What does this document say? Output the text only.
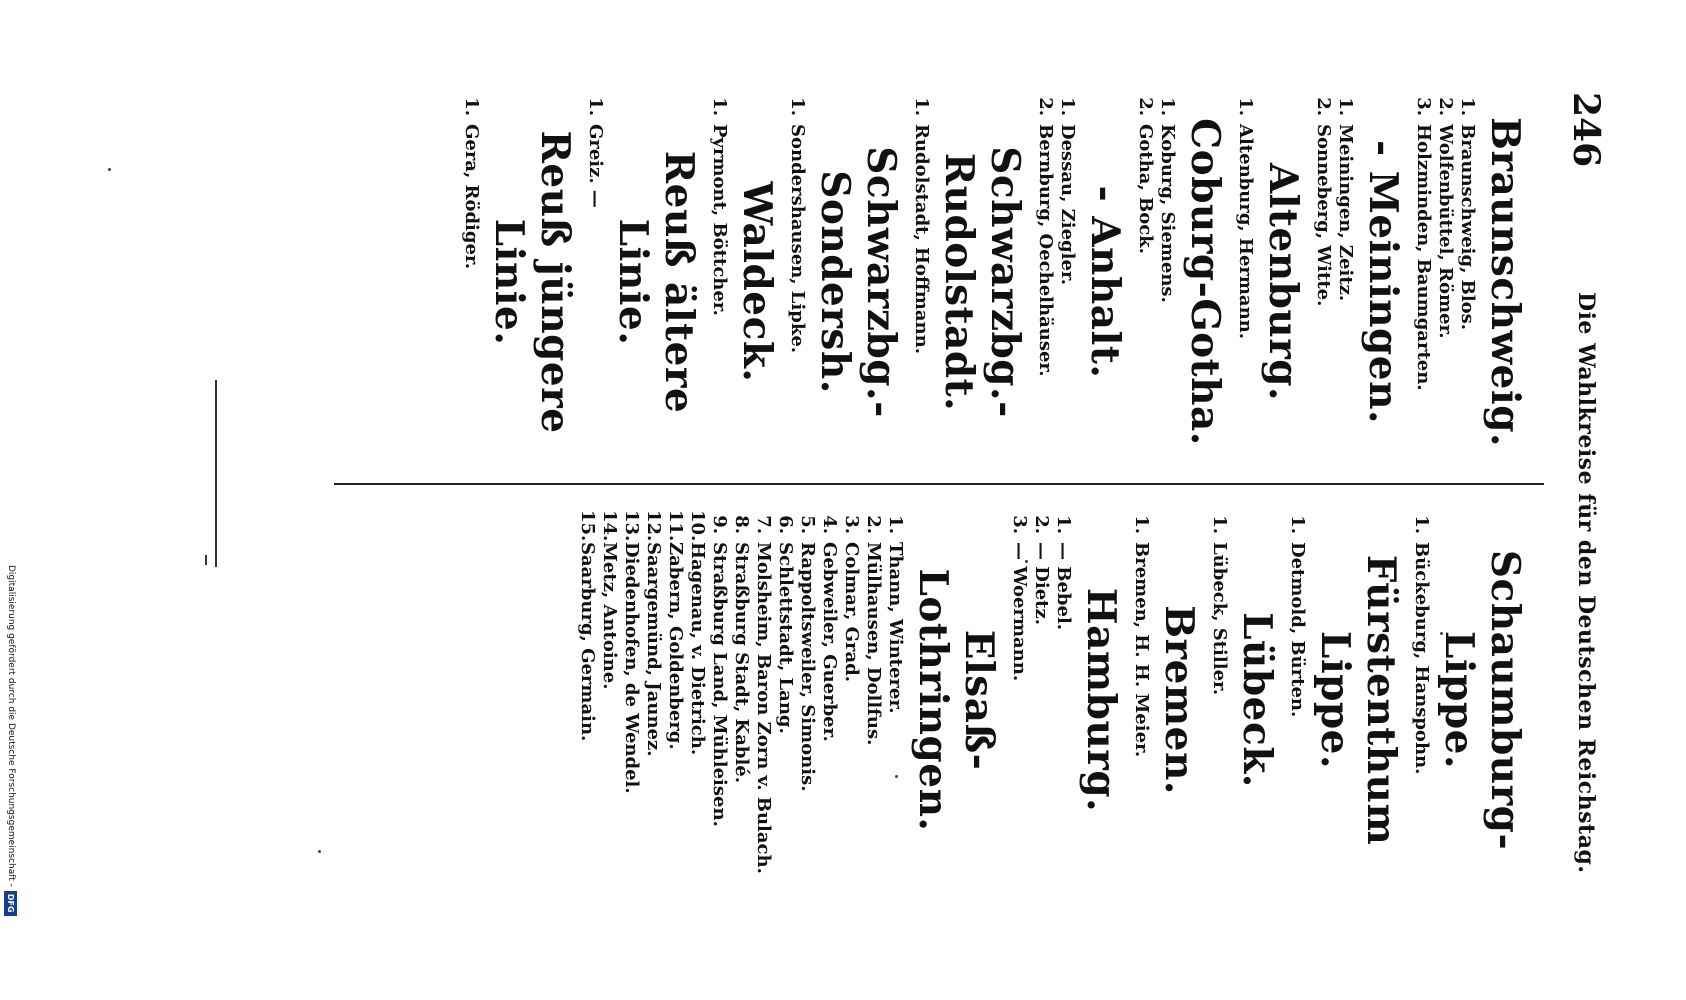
246
Die Wahlkreise für den Deutschen Reichstag.
Braunschweig.
1.
Braunschweig, Blos.
2.
Wolfenbüttel, Römer.
3.
Holzminden, Baumgarten.
- Meiningen.
1.
Meiningen, Zeitz.
2.
Sonneberg, Witte.
Altenburg.
1.
Altenburg, Hermann.
Coburg-Gotha.
1.
Koburg, Siemens.
2.
Gotha, Bock.
- Anhalt.
1.
Dessau, Ziegler.
2.
Bernburg, Oechelhäuser.
Schwarzbg.-Rudolstadt.
1.
Rudolstadt, Hoffmann.
Schwarzbg.-Sondersh.
1.
Sondershausen, Lipke.
Waldeck.
1.
Pyrmont, Böttcher.
Reuß ältere Linie.
1.
Greiz. —
Reuß jüngere Linie.
1.
Gera, Rödiger.
Schaumburg-Lippe.
1.
Bückeburg, Hanspohn.
Fürstenthum Lippe.
1.
Detmold, Bürten.
Lübeck.
1.
Lübeck, Stiller.
Bremen.
1.
Bremen, H. H. Meier.
Hamburg.
1.
— Bebel.
2.
— Dietz.
3.
— Woermann.
Elsaß-Lothringen.
1.
Thann, Winterer.
2.
Mülhausen, Dollfus.
3.
Colmar, Grad.
4.
Gebweiler, Guerber.
5.
Rappoltsweiler, Simonis.
6.
Schlettstadt, Lang.
7.
Molsheim, Baron Zorn v. Bulach.
8.
Straßburg Stadt, Kablé.
9.
Straßburg Land, Mühleisen.
10.
Hagenau, v. Dietrich.
11.
Zabern, Goldenberg.
12.
Saargemünd, Jaunez.
13.
Diedenhofen, de Wendel.
14.
Metz, Antoine.
15.
Saarburg, Germain.
Digitalisierung gefördert durch die Deutsche Forschungsgemeinschaft -
DFG
